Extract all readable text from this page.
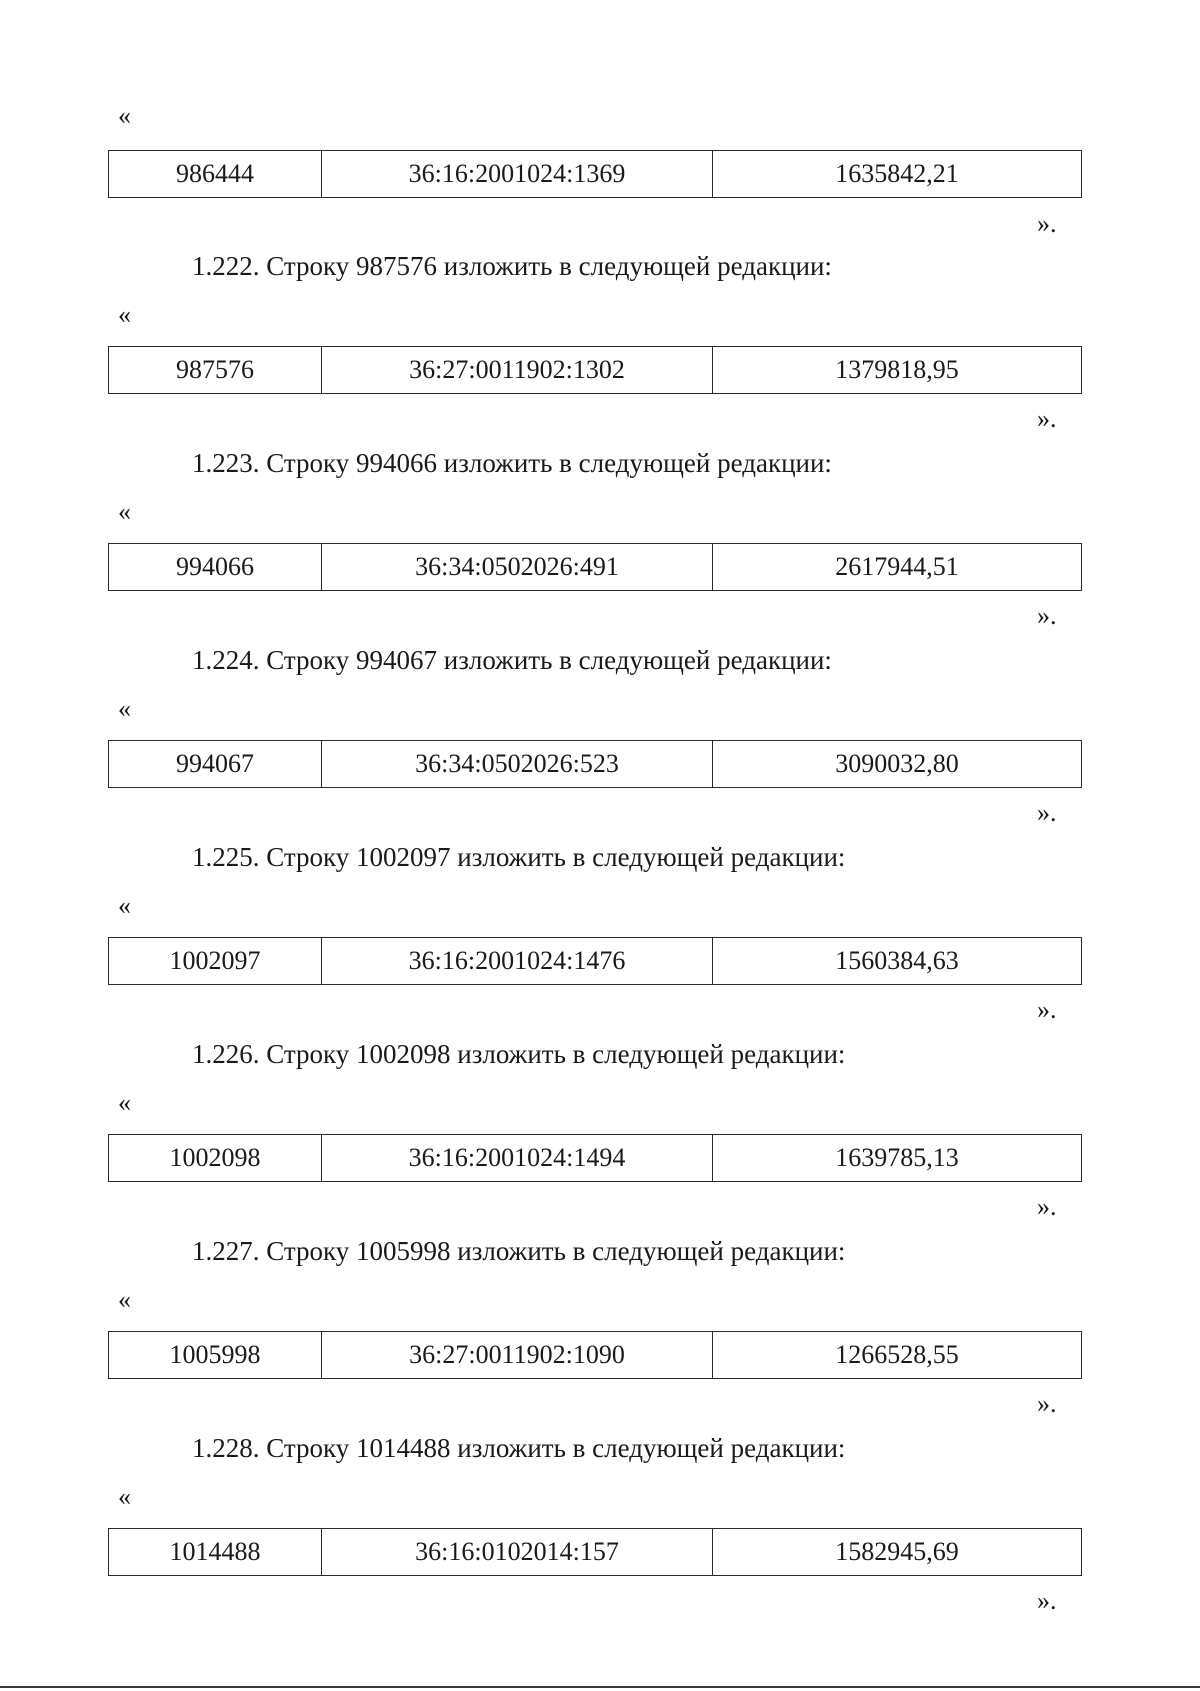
«
986444	36:16:2001024:1369	1635842,21
».
1.222. Строку 987576 изложить в следующей редакции:
«
987576	36:27:0011902:1302	1379818,95
».
1.223. Строку 994066 изложить в следующей редакции:
«
994066	36:34:0502026:491	2617944,51
».
1.224. Строку 994067 изложить в следующей редакции:
«
994067	36:34:0502026:523	3090032,80
».
1.225. Строку 1002097 изложить в следующей редакции:
«
1002097	36:16:2001024:1476	1560384,63
».
1.226. Строку 1002098 изложить в следующей редакции:
«
1002098	36:16:2001024:1494	1639785,13
».
1.227. Строку 1005998 изложить в следующей редакции:
«
1005998	36:27:0011902:1090	1266528,55
».
1.228. Строку 1014488 изложить в следующей редакции:
«
1014488	36:16:0102014:157	1582945,69
».
